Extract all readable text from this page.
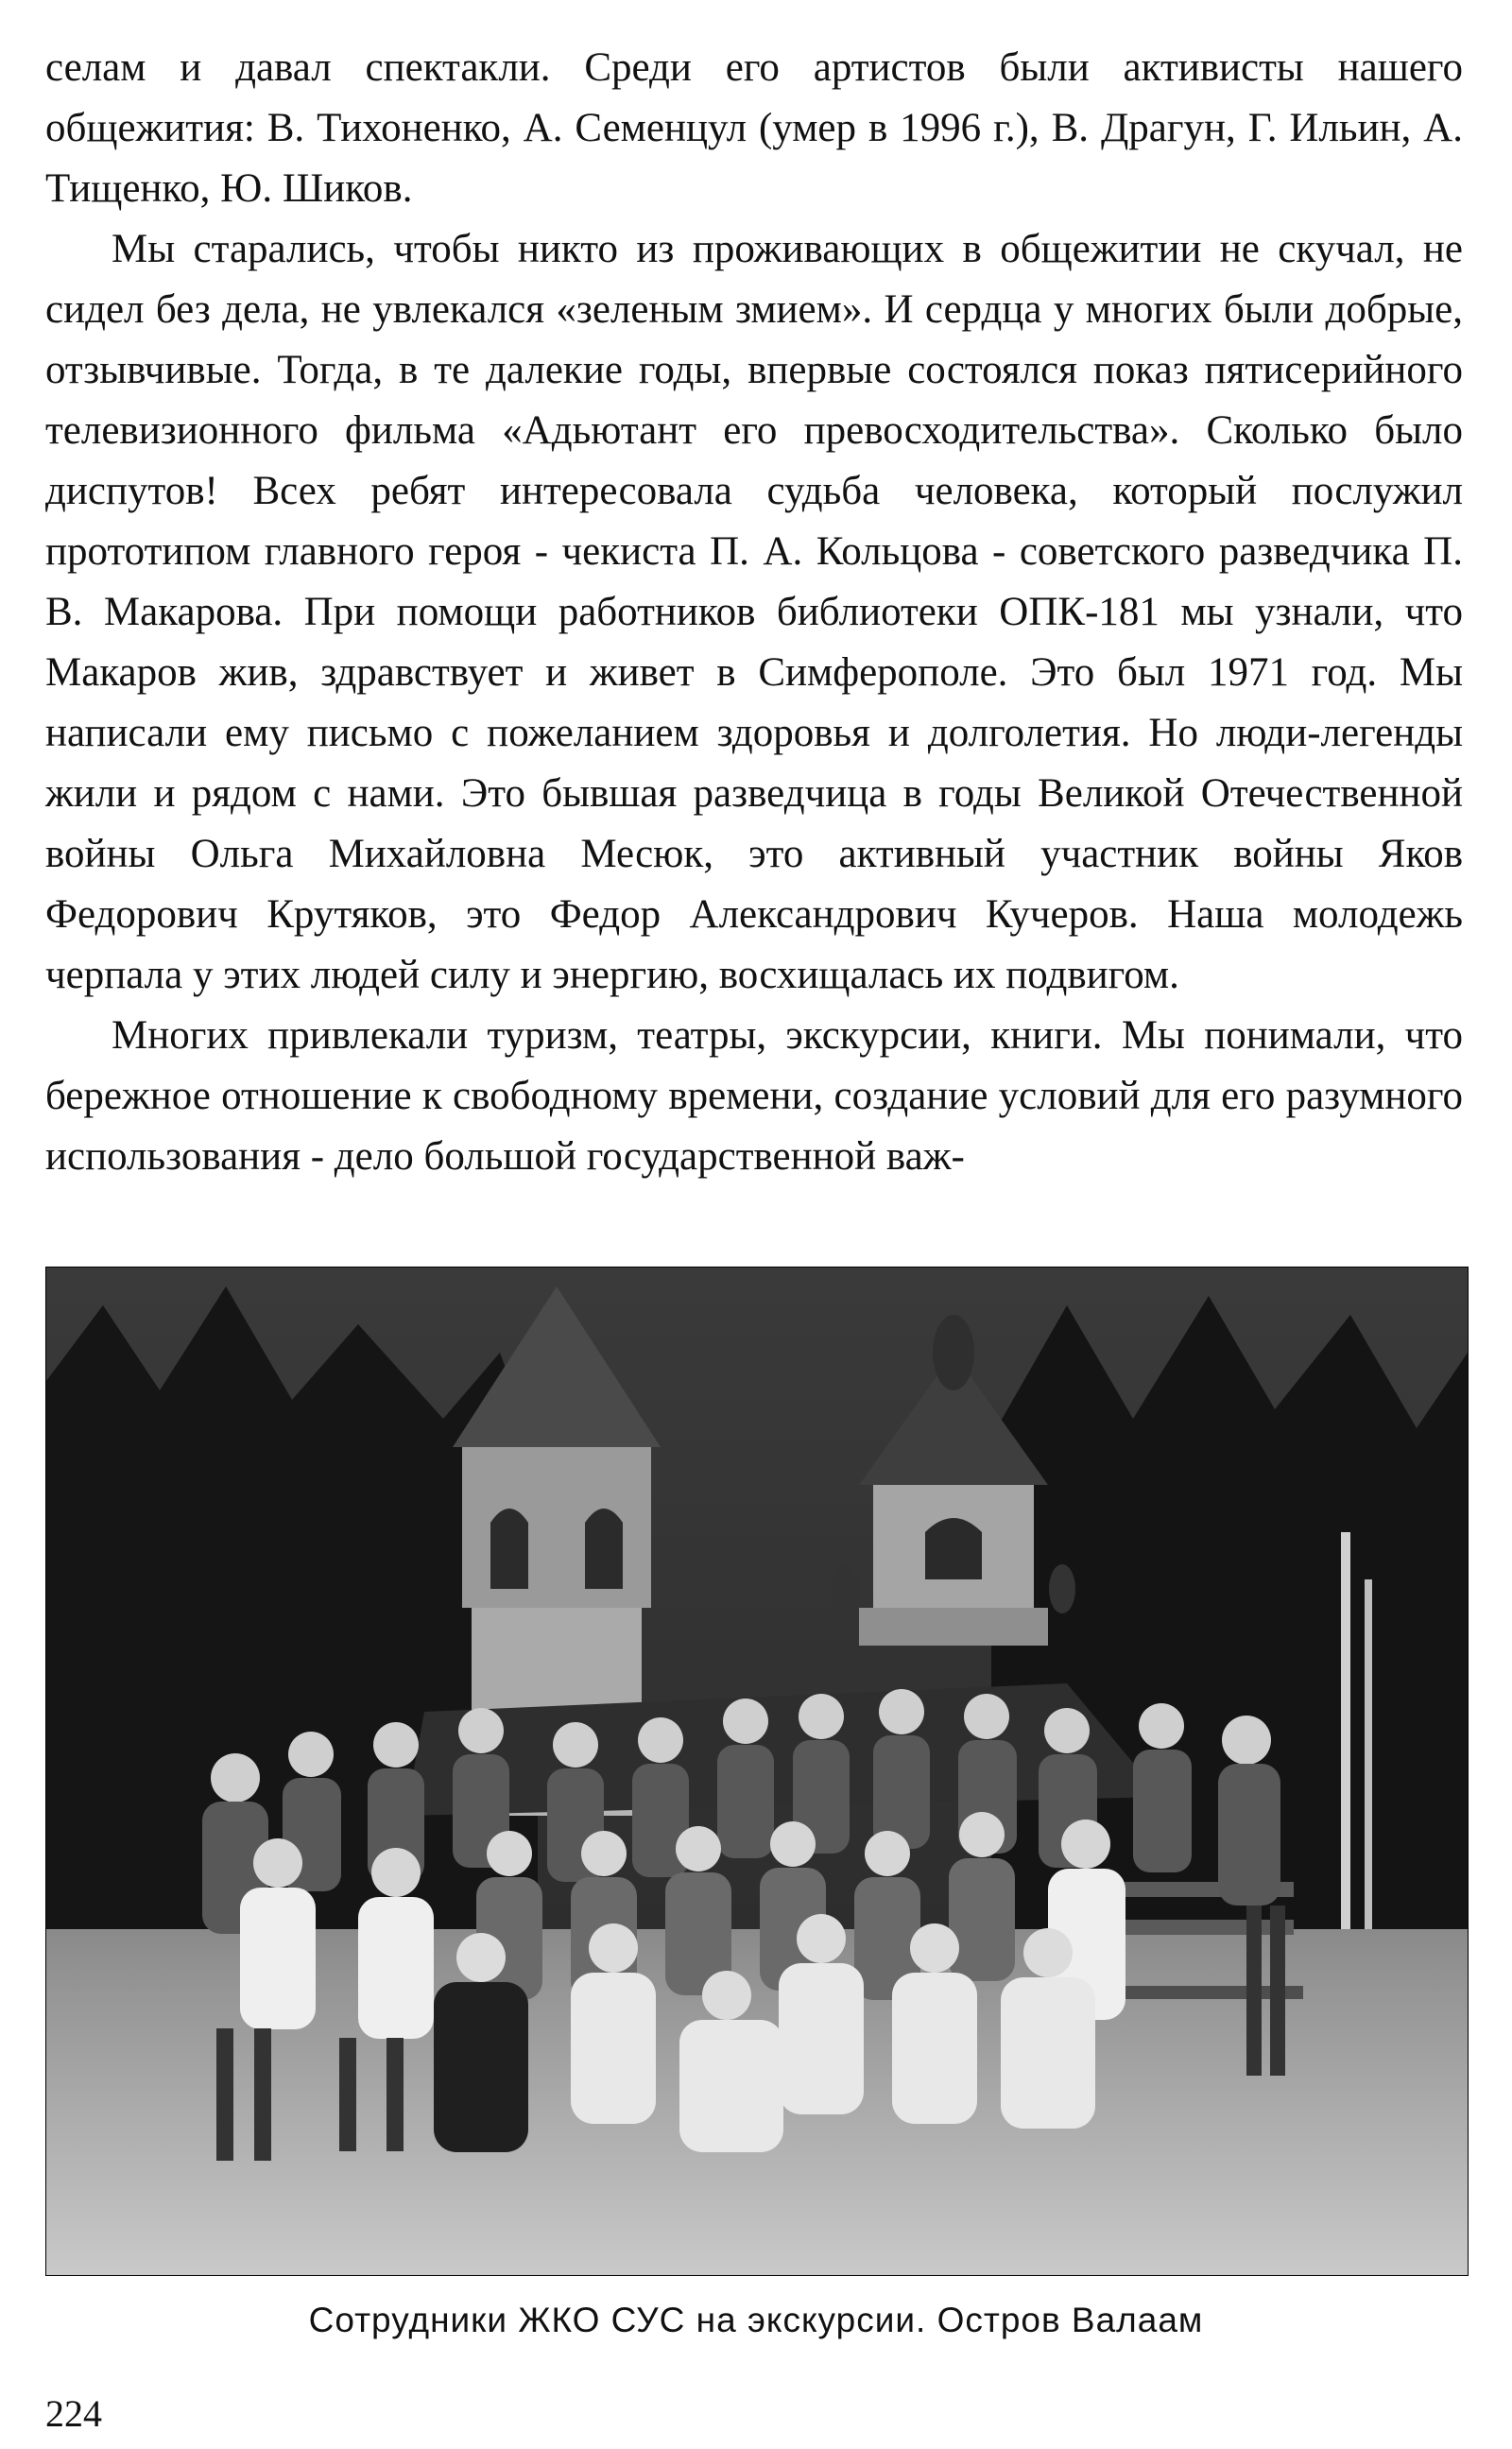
селам и давал спектакли. Среди его артистов были активисты нашего общежития: В. Тихоненко, А. Семенцул (умер в 1996 г.), В. Драгун, Г. Ильин, А. Тищенко, Ю. Шиков.

Мы старались, чтобы никто из проживающих в общежитии не скучал, не сидел без дела, не увлекался «зеленым змием». И сердца у многих были добрые, отзывчивые. Тогда, в те далекие годы, впервые состоялся показ пятисерийного телевизионного фильма «Адьютант его превосходительства». Сколько было диспутов! Всех ребят интересовала судьба человека, который послужил прототипом главного героя - чекиста П. А. Кольцова - советского разведчика П. В. Макарова. При помощи работников библиотеки ОПК-181 мы узнали, что Макаров жив, здравствует и живет в Симферополе. Это был 1971 год. Мы написали ему письмо с пожеланием здоровья и долголетия. Но люди-легенды жили и рядом с нами. Это бывшая разведчица в годы Великой Отечественной войны Ольга Михайловна Месюк, это активный участник войны Яков Федорович Крутяков, это Федор Александрович Кучеров. Наша молодежь черпала у этих людей силу и энергию, восхищалась их подвигом.

Многих привлекали туризм, театры, экскурсии, книги. Мы понимали, что бережное отношение к свободному времени, создание условий для его разумного использования - дело большой государственной важ-

Сотрудники ЖКО СУС на экскурсии. Остров Валаам
224
